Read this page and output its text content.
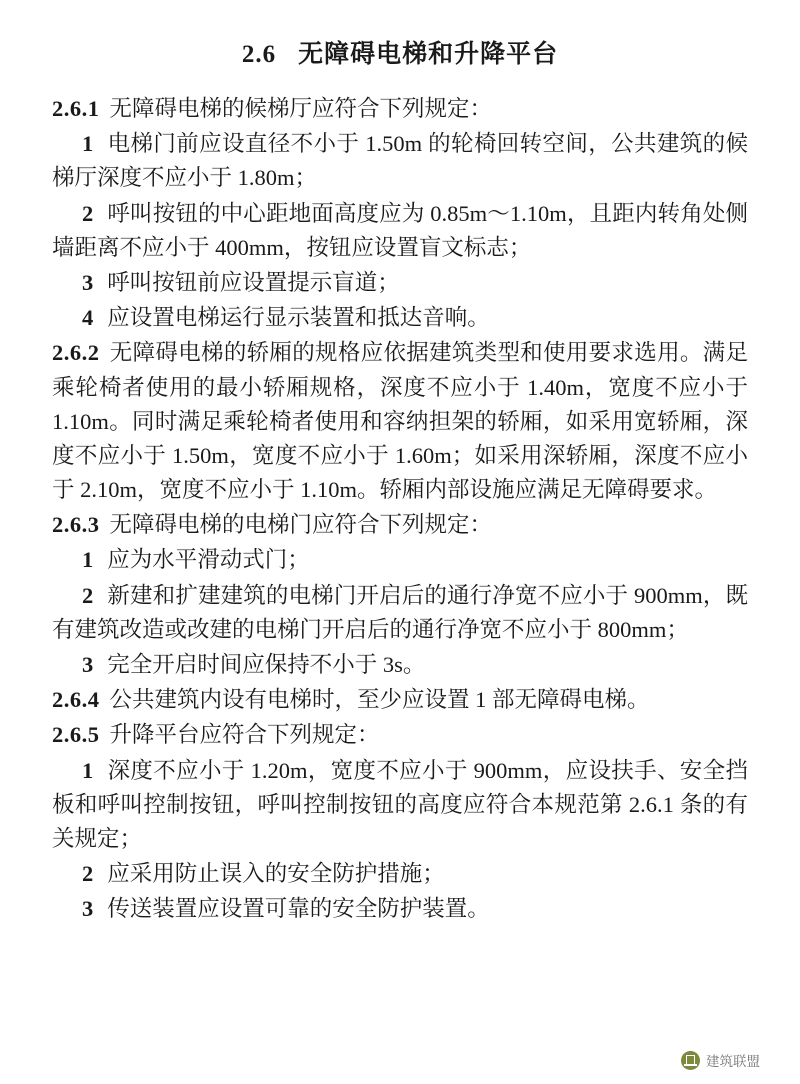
2.6 无障碍电梯和升降平台

2.6.1 无障碍电梯的候梯厅应符合下列规定：

1 电梯门前应设直径不小于 1.50m 的轮椅回转空间，公共建筑的候梯厅深度不应小于 1.80m；

2 呼叫按钮的中心距地面高度应为 0.85m～1.10m，且距内转角处侧墙距离不应小于 400mm，按钮应设置盲文标志；

3 呼叫按钮前应设置提示盲道；

4 应设置电梯运行显示装置和抵达音响。

2.6.2 无障碍电梯的轿厢的规格应依据建筑类型和使用要求选用。满足乘轮椅者使用的最小轿厢规格，深度不应小于 1.40m，宽度不应小于 1.10m。同时满足乘轮椅者使用和容纳担架的轿厢，如采用宽轿厢，深度不应小于 1.50m，宽度不应小于 1.60m；如采用深轿厢，深度不应小于 2.10m，宽度不应小于 1.10m。轿厢内部设施应满足无障碍要求。

2.6.3 无障碍电梯的电梯门应符合下列规定：

1 应为水平滑动式门；

2 新建和扩建建筑的电梯门开启后的通行净宽不应小于 900mm，既有建筑改造或改建的电梯门开启后的通行净宽不应小于 800mm；

3 完全开启时间应保持不小于 3s。

2.6.4 公共建筑内设有电梯时，至少应设置 1 部无障碍电梯。

2.6.5 升降平台应符合下列规定：

1 深度不应小于 1.20m，宽度不应小于 900mm，应设扶手、安全挡板和呼叫控制按钮，呼叫控制按钮的高度应符合本规范第 2.6.1 条的有关规定；

2 应采用防止误入的安全防护措施；

3 传送装置应设置可靠的安全防护装置。

建筑联盟
